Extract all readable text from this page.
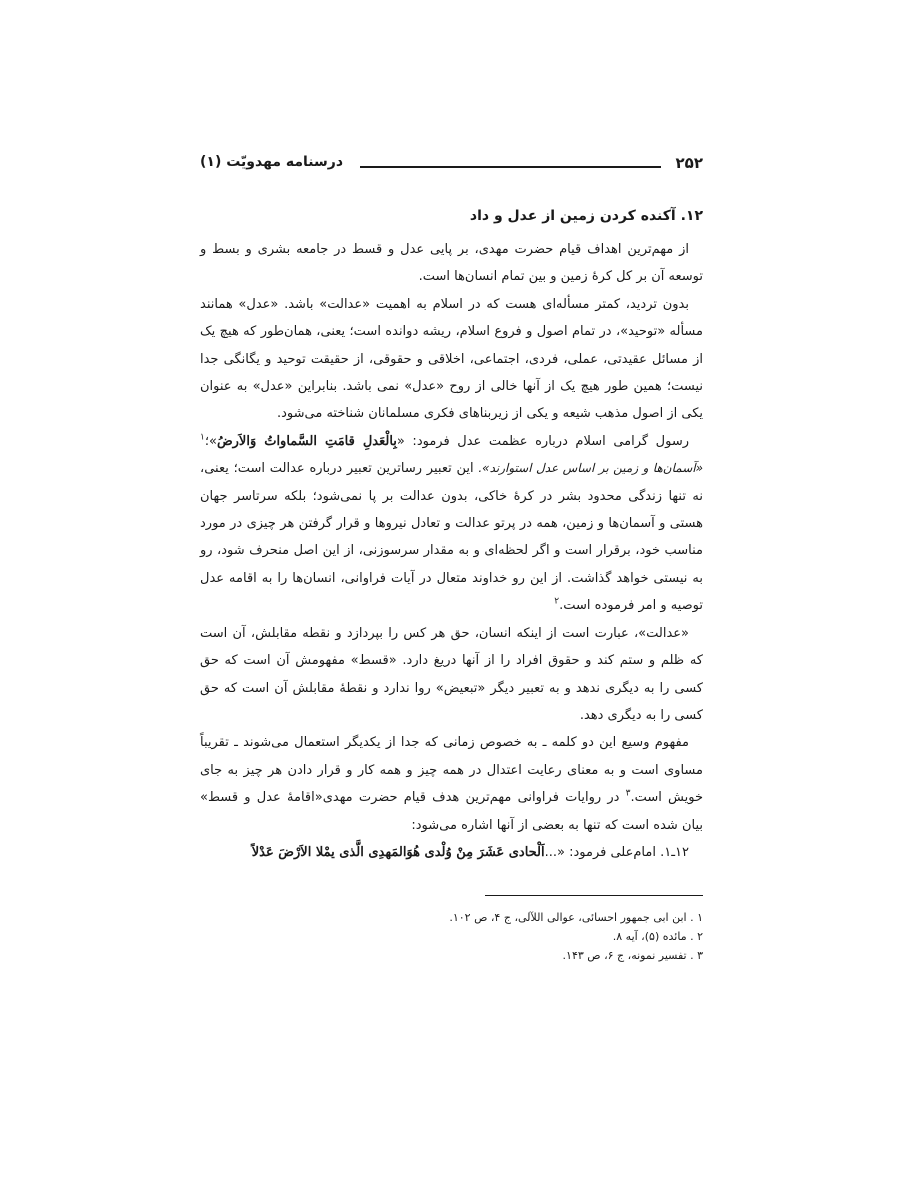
۲۵۲
درسنامه مهدویّت (۱)
۱۲. آکنده کردن زمین از عدل و داد

از مهم‌ترین اهداف قیام حضرت مهدی، بر پایی عدل و قسط در جامعه بشری و بسط و توسعه آن بر کل کرهٔ زمین و بین تمام انسان‌ها است.

بدون تردید، کمتر مسأله‌ای هست که در اسلام به اهمیت «عدالت» باشد. «عدل» همانند مسأله «توحید»، در تمام اصول و فروع اسلام، ریشه دوانده است؛ یعنی، همان‌طور که هیچ یک از مسائل عقیدتی، عملی، فردی، اجتماعی، اخلاقی و حقوقی، از حقیقت توحید و یگانگی جدا نیست؛ همین طور هیچ یک از آنها خالی از روح «عدل» نمی باشد. بنابراین «عدل» به عنوان یکی از اصول مذهب شیعه و یکی از زیربناهای فکری مسلمانان شناخته می‌شود.

رسول گرامی اسلام درباره عظمت عدل فرمود: «بِالْعَدلِ قامَتِ السَّماواتُ وَالاَرضُ»؛$^۱$ «آسمان‌ها و زمین بر اساس عدل استوارند». این تعبیر رساترین تعبیر درباره عدالت است؛ یعنی، نه تنها زندگی محدود بشر در کرهٔ خاکی، بدون عدالت بر پا نمی‌شود؛ بلکه سرتاسر جهان هستی و آسمان‌ها و زمین، همه در پرتو عدالت و تعادل نیروها و قرار گرفتن هر چیزی در مورد مناسب خود، برقرار است و اگر لحظه‌ای و به مقدار سرسوزنی، از این اصل منحرف شود، رو به نیستی خواهد گذاشت. از این رو خداوند متعال در آیات فراوانی، انسان‌ها را به اقامه عدل توصیه و امر فرموده است.$^۲$

«عدالت»، عبارت است از اینکه انسان، حق هر کس را بپردازد و نقطه مقابلش، آن است که ظلم و ستم کند و حقوق افراد را از آنها دریغ دارد. «قسط» مفهومش آن است که حق کسی را به دیگری ندهد و به تعبیر دیگر «تبعیض» روا ندارد و نقطهٔ مقابلش آن است که حق کسی را به دیگری دهد.

مفهوم وسیع این دو کلمه ـ به خصوص زمانی که جدا از یکدیگر استعمال می‌شوند ـ تقریباً مساوی است و به معنای رعایت اعتدال در همه چیز و همه کار و قرار دادن هر چیز به جای خویش است.$^۳$ در روایات فراوانی مهم‌ترین هدف قیام حضرت مهدی«اقامهٔ عدل و قسط» بیان شده است که تنها به بعضی از آنها اشاره می‌شود:

۱۲ـ۱. امام‌علی فرمود: «...اَلْحادی عَشَرَ مِنْ وُلْدی هُوَالمَهدِی الَّذی یمْلا الاَرْضَ عَدْلاً

۱ . ابن ابی جمهور احسائی، عوالی اللآلی، ج ۴، ص ۱۰۲.
۲ . مائده (۵)، آیه ۸.
۳ . تفسیر نمونه، ج ۶، ص ۱۴۳.
